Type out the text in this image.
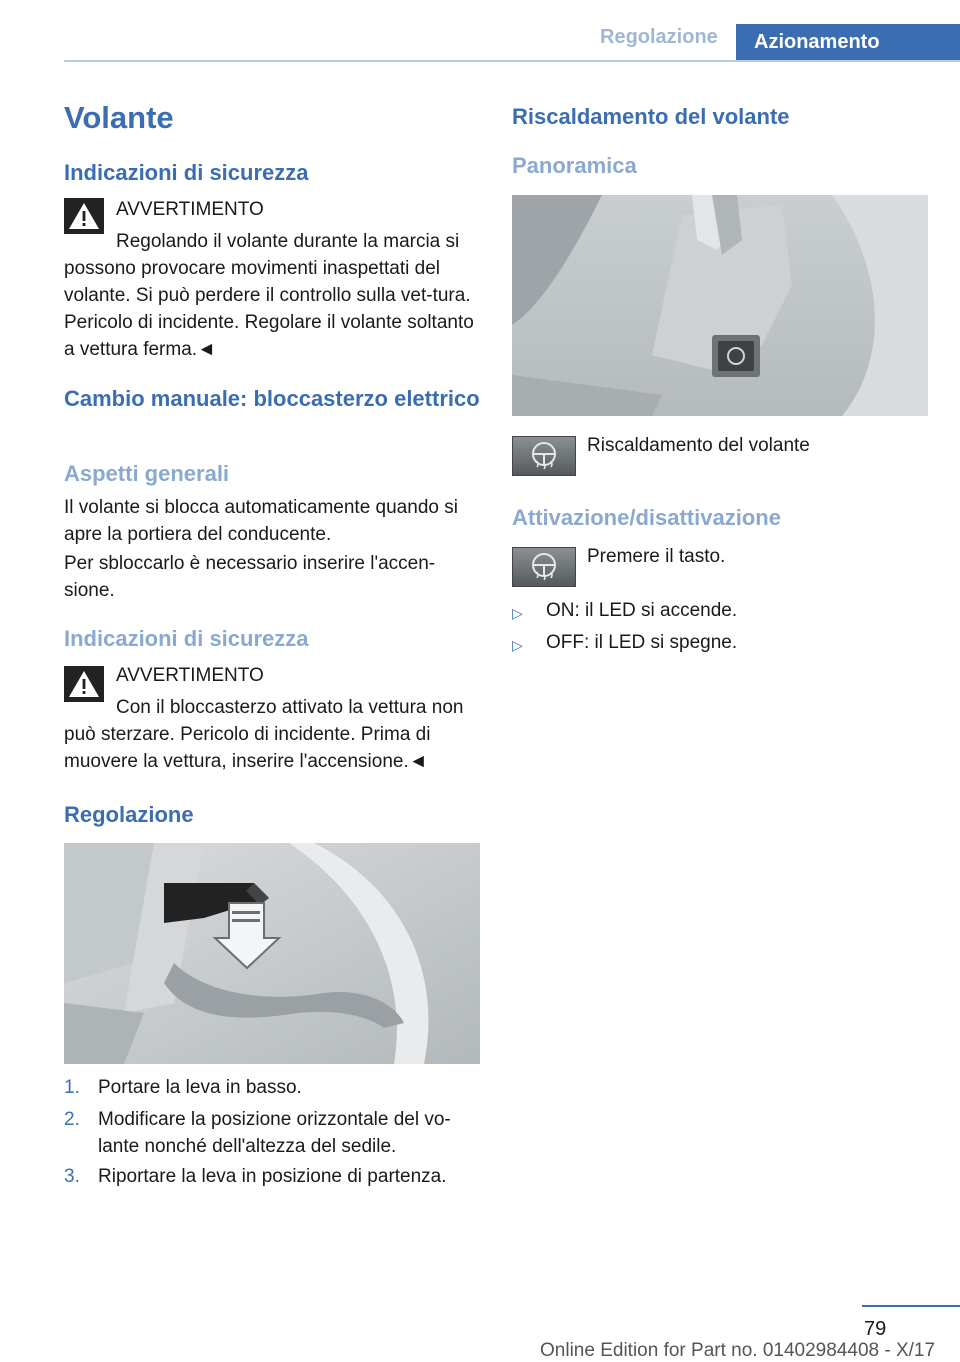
Regolazione	Azionamento
Volante
Indicazioni di sicurezza
AVVERTIMENTO
Regolando il volante durante la marcia si
possono provocare movimenti inaspettati del volante. Si può perdere il controllo sulla vet‐tura. Pericolo di incidente. Regolare il volante soltanto a vettura ferma.◄
Cambio manuale: bloccasterzo elettrico
Aspetti generali
Il volante si blocca automaticamente quando si apre la portiera del conducente.
Per sbloccarlo è necessario inserire l'accen‐sione.
Indicazioni di sicurezza
AVVERTIMENTO
Con il bloccasterzo attivato la vettura non
può sterzare. Pericolo di incidente. Prima di muovere la vettura, inserire l'accensione.◄
Regolazione
1. Portare la leva in basso.
2. Modificare la posizione orizzontale del vo‐lante nonché dell'altezza del sedile.
3. Riportare la leva in posizione di partenza.
Riscaldamento del volante
Panoramica
Riscaldamento del volante
Attivazione/disattivazione
Premere il tasto.
▷	ON: il LED si accende.
▷	OFF: il LED si spegne.
79
Online Edition for Part no. 01402984408 - X/17
